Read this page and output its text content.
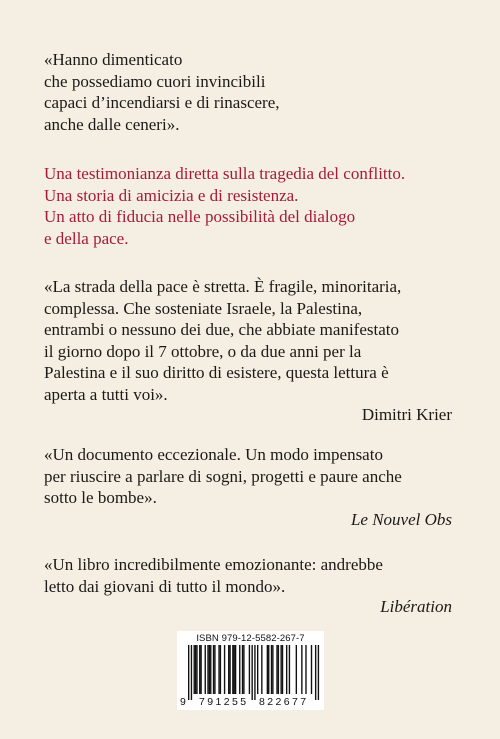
«Hanno dimenticato

che possediamo cuori invincibili

capaci d’incendiarsi e di rinascere,

anche dalle ceneri».

Una testimonianza diretta sulla tragedia del conflitto.

Una storia di amicizia e di resistenza.

Un atto di fiducia nelle possibilità del dialogo

e della pace.

«La strada della pace è stretta. È fragile, minoritaria,

complessa. Che sosteniate Israele, la Palestina,

entrambi o nessuno dei due, che abbiate manifestato

il giorno dopo il 7 ottobre, o da due anni per la

Palestina e il suo diritto di esistere, questa lettura è

aperta a tutti voi».

Dimitri Krier

«Un documento eccezionale. Un modo impensato

per riuscire a parlare di sogni, progetti e paure anche

sotto le bombe».

Le Nouvel Obs

«Un libro incredibilmente emozionante: andrebbe

letto dai giovani di tutto il mondo».

Libération

ISBN 979-12-5582-267-7
9 791255 822677
